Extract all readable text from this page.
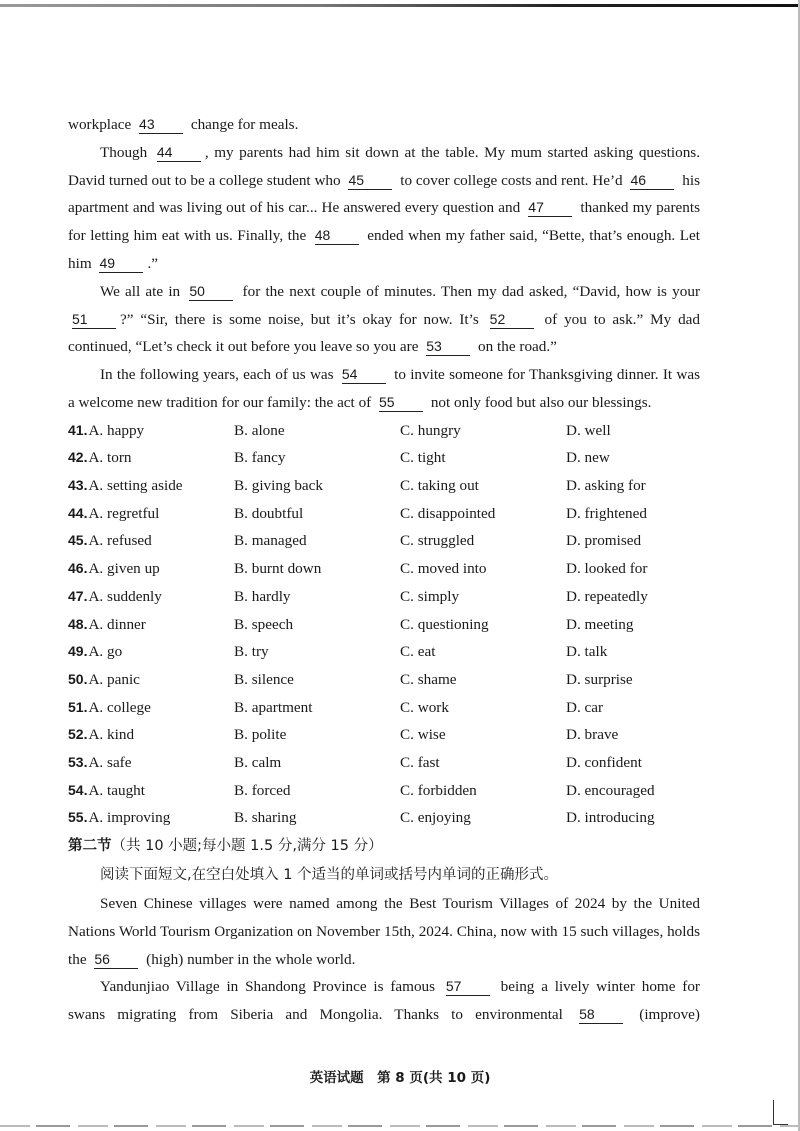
workplace 43 change for meals.

Though 44 , my parents had him sit down at the table. My mum started asking questions. David turned out to be a college student who 45 to cover college costs and rent. He’d 46 his apartment and was living out of his car... He answered every question and 47 thanked my parents for letting him eat with us. Finally, the 48 ended when my father said, “Bette, that’s enough. Let him 49 .”

We all ate in 50 for the next couple of minutes. Then my dad asked, “David, how is your 51 ?” “Sir, there is some noise, but it’s okay for now. It’s 52 of you to ask.” My dad continued, “Let’s check it out before you leave so you are 53 on the road.”

In the following years, each of us was 54 to invite someone for Thanksgiving dinner. It was a welcome new tradition for our family: the act of 55 not only food but also our blessings.

41.A. happy	B. alone	C. hungry	D. well
42.A. torn	B. fancy	C. tight	D. new
43.A. setting aside	B. giving back	C. taking out	D. asking for
44.A. regretful	B. doubtful	C. disappointed	D. frightened
45.A. refused	B. managed	C. struggled	D. promised
46.A. given up	B. burnt down	C. moved into	D. looked for
47.A. suddenly	B. hardly	C. simply	D. repeatedly
48.A. dinner	B. speech	C. questioning	D. meeting
49.A. go	B. try	C. eat	D. talk
50.A. panic	B. silence	C. shame	D. surprise
51.A. college	B. apartment	C. work	D. car
52.A. kind	B. polite	C. wise	D. brave
53.A. safe	B. calm	C. fast	D. confident
54.A. taught	B. forced	C. forbidden	D. encouraged
55.A. improving	B. sharing	C. enjoying	D. introducing
第二节（共 10 小题;每小题 1.5 分,满分 15 分）
阅读下面短文,在空白处填入 1 个适当的单词或括号内单词的正确形式。

Seven Chinese villages were named among the Best Tourism Villages of 2024 by the United Nations World Tourism Organization on November 15th, 2024. China, now with 15 such villages, holds the 56 (high) number in the whole world.

Yandunjiao Village in Shandong Province is famous 57 being a lively winter home for swans migrating from Siberia and Mongolia. Thanks to environmental 58 (improve)

英语试题　第 8 页(共 10 页)
